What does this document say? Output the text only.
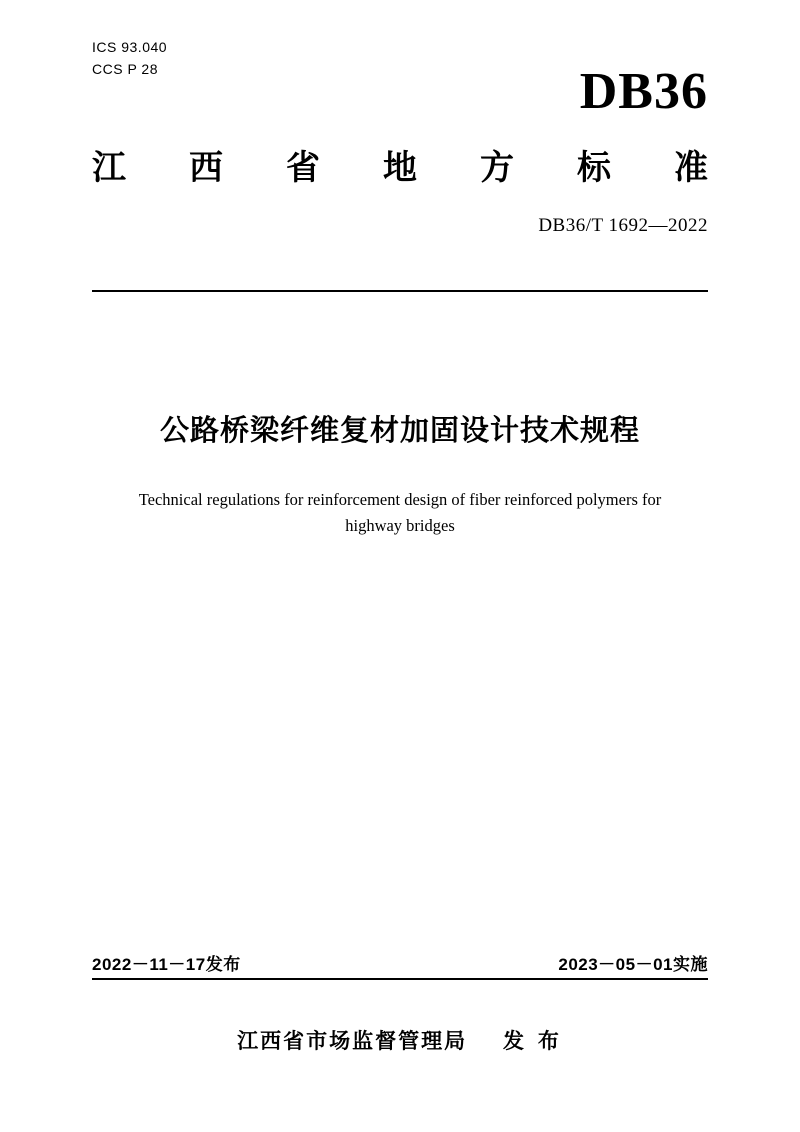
ICS 93.040
CCS P 28	DB36
江 西 省 地 方 标 准
DB36/T 1692—2022
公路桥梁纤维复材加固设计技术规程
Technical regulations for reinforcement design of fiber reinforced polymers for
highway bridges
2022－11－17发布	2023－05－01实施
江西省市场监督管理局 发 布
